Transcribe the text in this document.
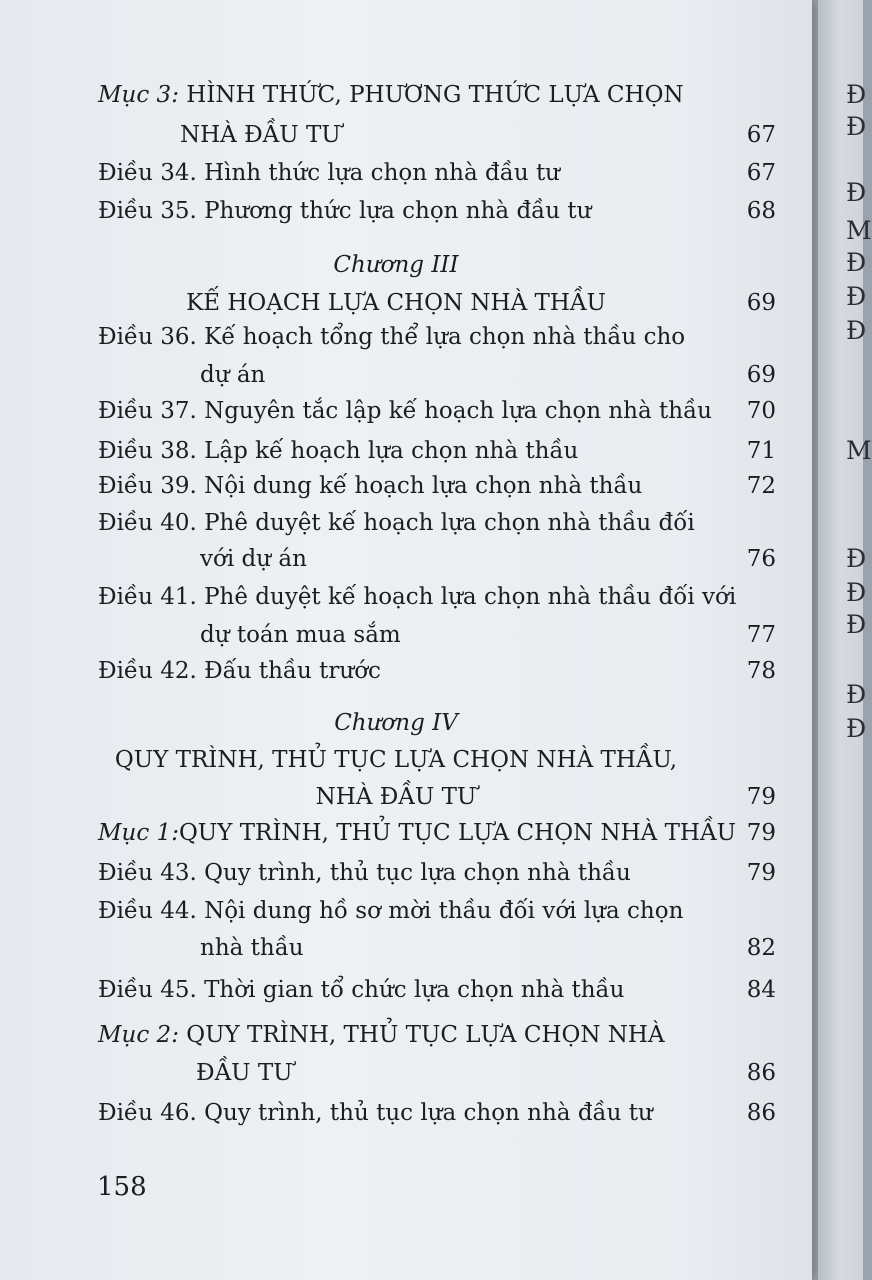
Mục 3: HÌNH THỨC, PHƯƠNG THỨC LỰA CHỌN
NHÀ ĐẦU TƯ	67
Điều 34. Hình thức lựa chọn nhà đầu tư	67
Điều 35. Phương thức lựa chọn nhà đầu tư	68
Chương III
KẾ HOẠCH LỰA CHỌN NHÀ THẦU	69
Điều 36. Kế hoạch tổng thể lựa chọn nhà thầu cho
dự án	69
Điều 37. Nguyên tắc lập kế hoạch lựa chọn nhà thầu 70
Điều 38. Lập kế hoạch lựa chọn nhà thầu	71
Điều 39. Nội dung kế hoạch lựa chọn nhà thầu	72
Điều 40. Phê duyệt kế hoạch lựa chọn nhà thầu đối
với dự án	76
Điều 41. Phê duyệt kế hoạch lựa chọn nhà thầu đối với
dự toán mua sắm	77
Điều 42. Đấu thầu trước	78
Chương IV
QUY TRÌNH, THỦ TỤC LỰA CHỌN NHÀ THẦU,
NHÀ ĐẦU TƯ	79
Mục 1:QUY TRÌNH, THỦ TỤC LỰA CHỌN NHÀ THẦU 79
Điều 43. Quy trình, thủ tục lựa chọn nhà thầu	79
Điều 44. Nội dung hồ sơ mời thầu đối với lựa chọn
nhà thầu	82
Điều 45. Thời gian tổ chức lựa chọn nhà thầu	84
Mục 2: QUY TRÌNH, THỦ TỤC LỰA CHỌN NHÀ
ĐẦU TƯ	86
Điều 46. Quy trình, thủ tục lựa chọn nhà đầu tư	86
158
Đ
Đ
Đ
M
Đ
Đ
Đ
M
Đ
Đ
Đ
Đ
Đ
